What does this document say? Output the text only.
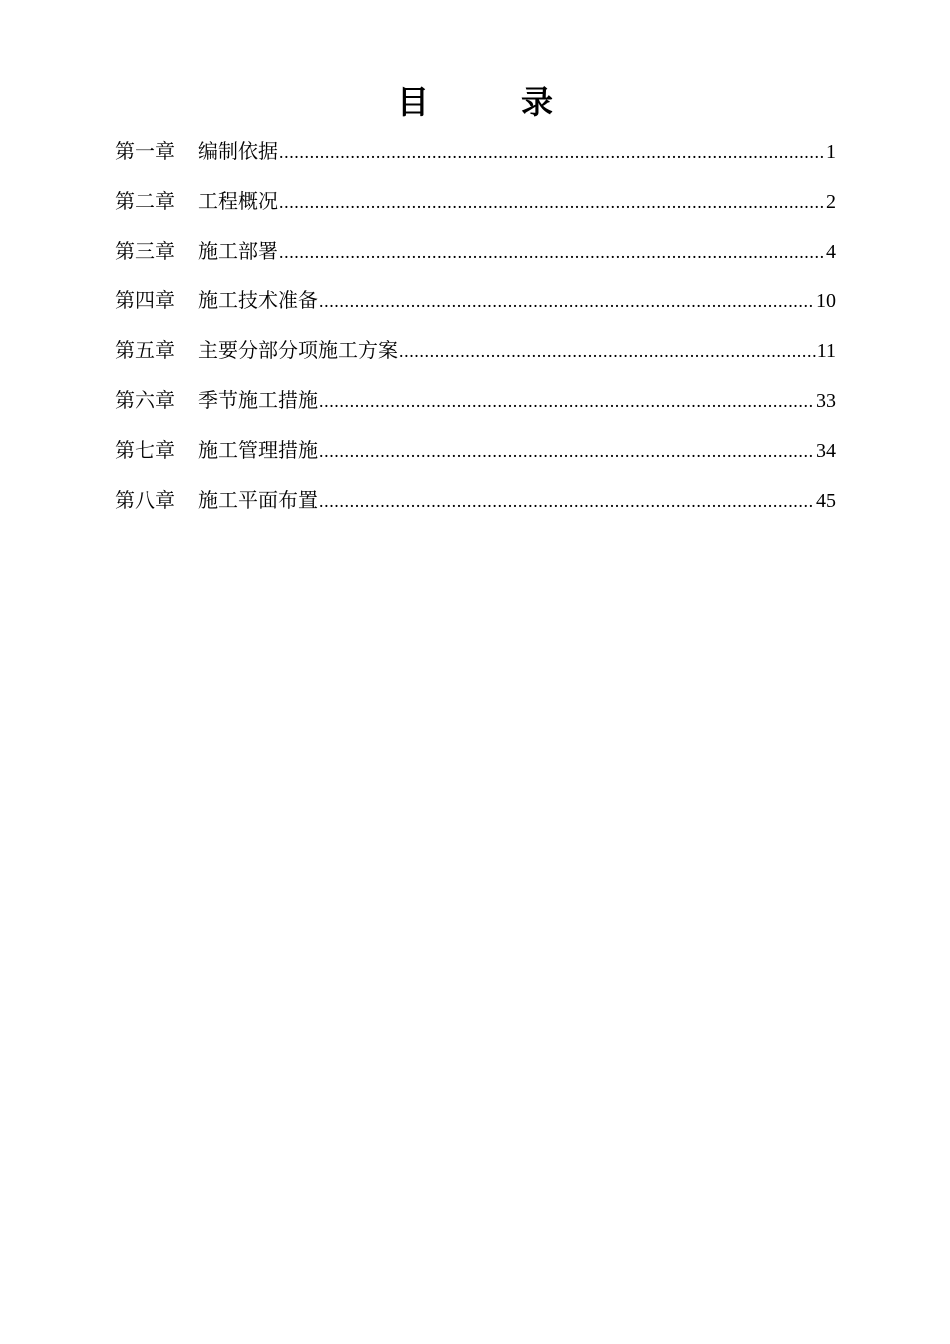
目　录
第一章	编制依据 .....	1
第二章	工程概况 .....	2
第三章	施工部署 .....	4
第四章	施工技术准备 .....	10
第五章	主要分部分项施工方案 .....	11
第六章	季节施工措施 .....	33
第七章	施工管理措施 .....	34
第八章	施工平面布置 .....	45
